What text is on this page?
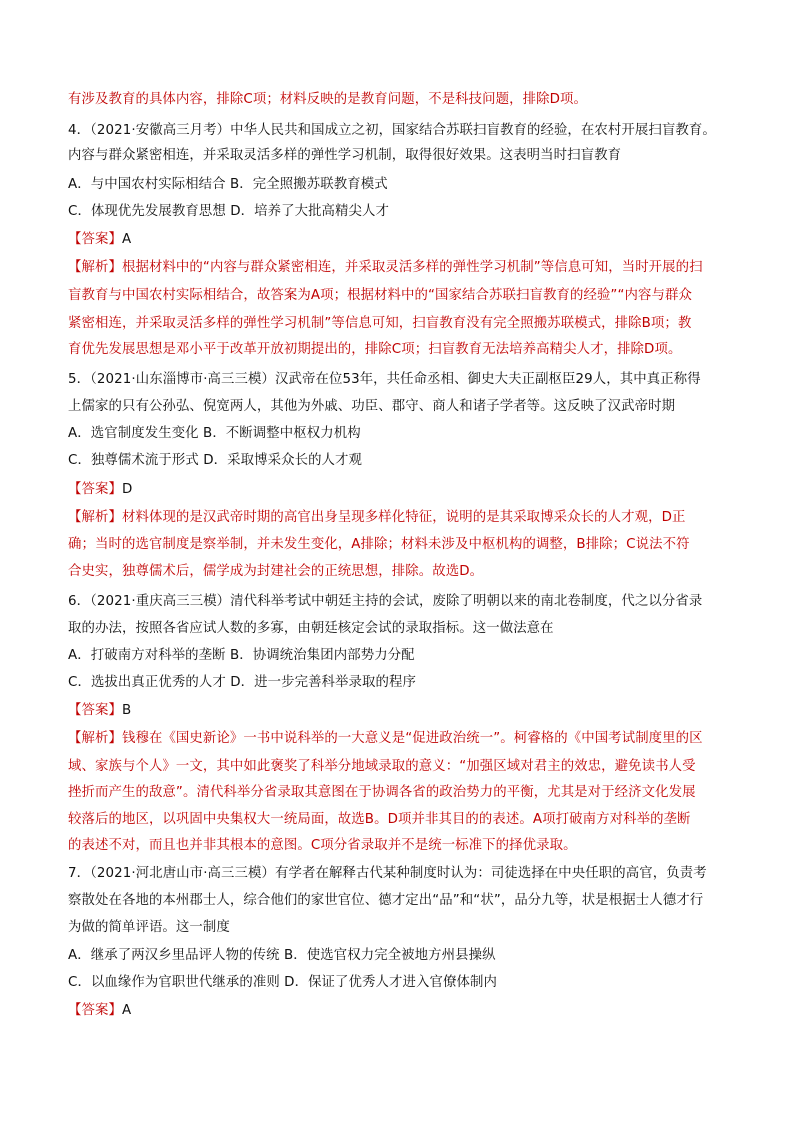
有涉及教育的具体内容，排除C项；材料反映的是教育问题，不是科技问题，排除D项。
4．（2021·安徽高三月考）中华人民共和国成立之初，国家结合苏联扫盲教育的经验，在农村开展扫盲教育。
内容与群众紧密相连，并采取灵活多样的弹性学习机制，取得很好效果。这表明当时扫盲教育
A．与中国农村实际相结合 B．完全照搬苏联教育模式
C．体现优先发展教育思想 D．培养了大批高精尖人才
【答案】A
【解析】根据材料中的“内容与群众紧密相连，并采取灵活多样的弹性学习机制”等信息可知，当时开展的扫
盲教育与中国农村实际相结合，故答案为A项；根据材料中的“国家结合苏联扫盲教育的经验”“内容与群众
紧密相连，并采取灵活多样的弹性学习机制”等信息可知，扫盲教育没有完全照搬苏联模式，排除B项；教
育优先发展思想是邓小平于改革开放初期提出的，排除C项；扫盲教育无法培养高精尖人才，排除D项。
5．（2021·山东淄博市·高三三模）汉武帝在位53年，共任命丞相、御史大夫正副枢臣29人，其中真正称得
上儒家的只有公孙弘、倪宽两人，其他为外戚、功臣、郡守、商人和诸子学者等。这反映了汉武帝时期
A．选官制度发生变化 B．不断调整中枢权力机构
C．独尊儒术流于形式 D．采取博采众长的人才观
【答案】D
【解析】材料体现的是汉武帝时期的高官出身呈现多样化特征，说明的是其采取博采众长的人才观，D正
确；当时的选官制度是察举制，并未发生变化，A排除；材料未涉及中枢机构的调整，B排除；C说法不符
合史实，独尊儒术后，儒学成为封建社会的正统思想，排除。故选D。
6．（2021·重庆高三三模）清代科举考试中朝廷主持的会试，废除了明朝以来的南北卷制度，代之以分省录
取的办法，按照各省应试人数的多寡，由朝廷核定会试的录取指标。这一做法意在
A．打破南方对科举的垄断 B．协调统治集团内部势力分配
C．选拔出真正优秀的人才 D．进一步完善科举录取的程序
【答案】B
【解析】钱穆在《国史新论》一书中说科举的一大意义是“促进政治统一”。柯睿格的《中国考试制度里的区
域、家族与个人》一文，其中如此褒奖了科举分地域录取的意义：“加强区域对君主的效忠，避免读书人受
挫折而产生的敌意”。清代科举分省录取其意图在于协调各省的政治势力的平衡，尤其是对于经济文化发展
较落后的地区，以巩固中央集权大一统局面，故选B。D项并非其目的的表述。A项打破南方对科举的垄断
的表述不对，而且也并非其根本的意图。C项分省录取并不是统一标准下的择优录取。
7．（2021·河北唐山市·高三三模）有学者在解释古代某种制度时认为：司徒选择在中央任职的高官，负责考
察散处在各地的本州郡士人，综合他们的家世官位、德才定出“品”和“状”，品分九等，状是根据士人德才行
为做的简单评语。这一制度
A．继承了两汉乡里品评人物的传统 B．使选官权力完全被地方州县操纵
C．以血缘作为官职世代继承的准则 D．保证了优秀人才进入官僚体制内
【答案】A
